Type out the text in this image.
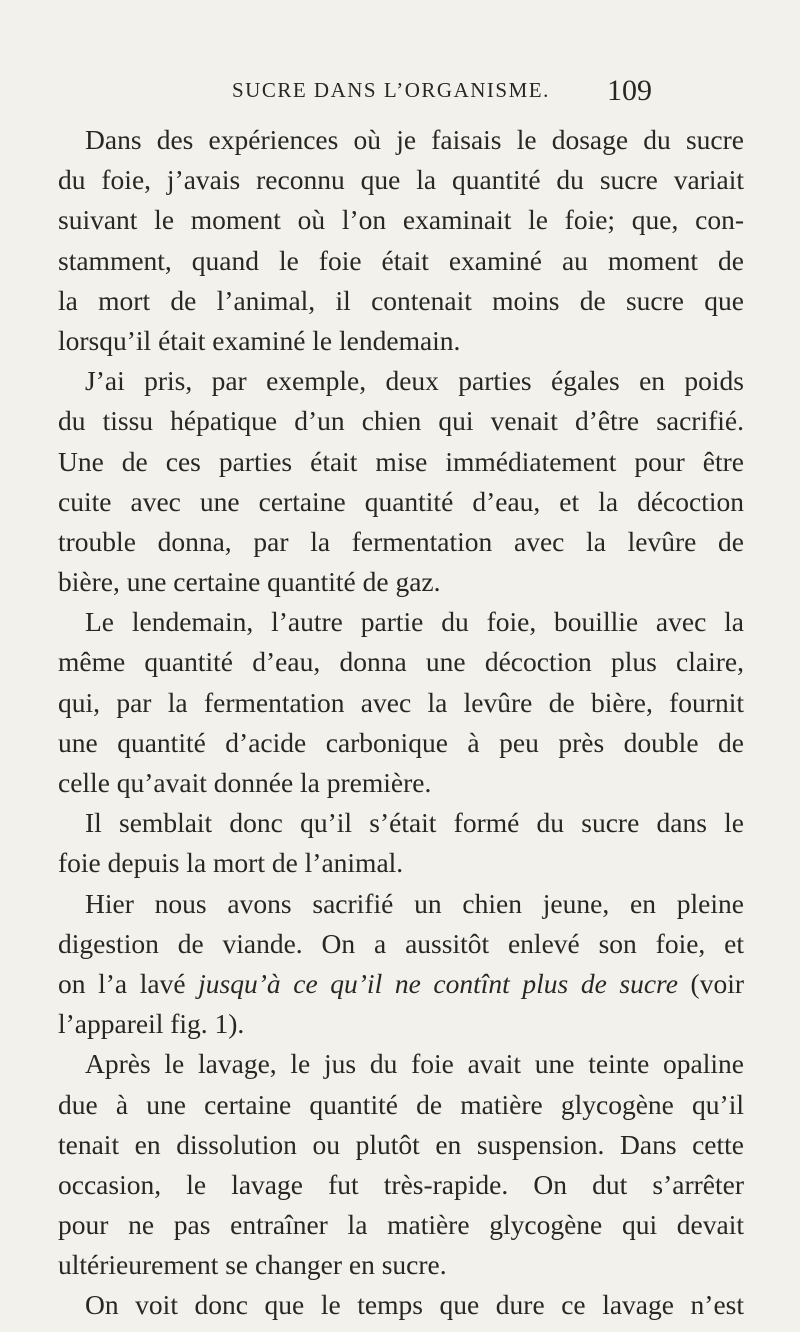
SUCRE DANS L’ORGANISME. 109
Dans des expériences où je faisais le dosage du sucre
du foie, j’avais reconnu que la quantité du sucre variait
suivant le moment où l’on examinait le foie; que, con-
stamment, quand le foie était examiné au moment de
la mort de l’animal, il contenait moins de sucre que
lorsqu’il était examiné le lendemain.
J’ai pris, par exemple, deux parties égales en poids
du tissu hépatique d’un chien qui venait d’être sacrifié.
Une de ces parties était mise immédiatement pour être
cuite avec une certaine quantité d’eau, et la décoction
trouble donna, par la fermentation avec la levûre de
bière, une certaine quantité de gaz.
Le lendemain, l’autre partie du foie, bouillie avec la
même quantité d’eau, donna une décoction plus claire,
qui, par la fermentation avec la levûre de bière, fournit
une quantité d’acide carbonique à peu près double de
celle qu’avait donnée la première.
Il semblait donc qu’il s’était formé du sucre dans le
foie depuis la mort de l’animal.
Hier nous avons sacrifié un chien jeune, en pleine
digestion de viande. On a aussitôt enlevé son foie, et
on l’a lavé jusqu’à ce qu’il ne contînt plus de sucre (voir
l’appareil fig. 1).
Après le lavage, le jus du foie avait une teinte opaline
due à une certaine quantité de matière glycogène qu’il
tenait en dissolution ou plutôt en suspension. Dans cette
occasion, le lavage fut très-rapide. On dut s’arrêter
pour ne pas entraîner la matière glycogène qui devait
ultérieurement se changer en sucre.
On voit donc que le temps que dure ce lavage n’est
